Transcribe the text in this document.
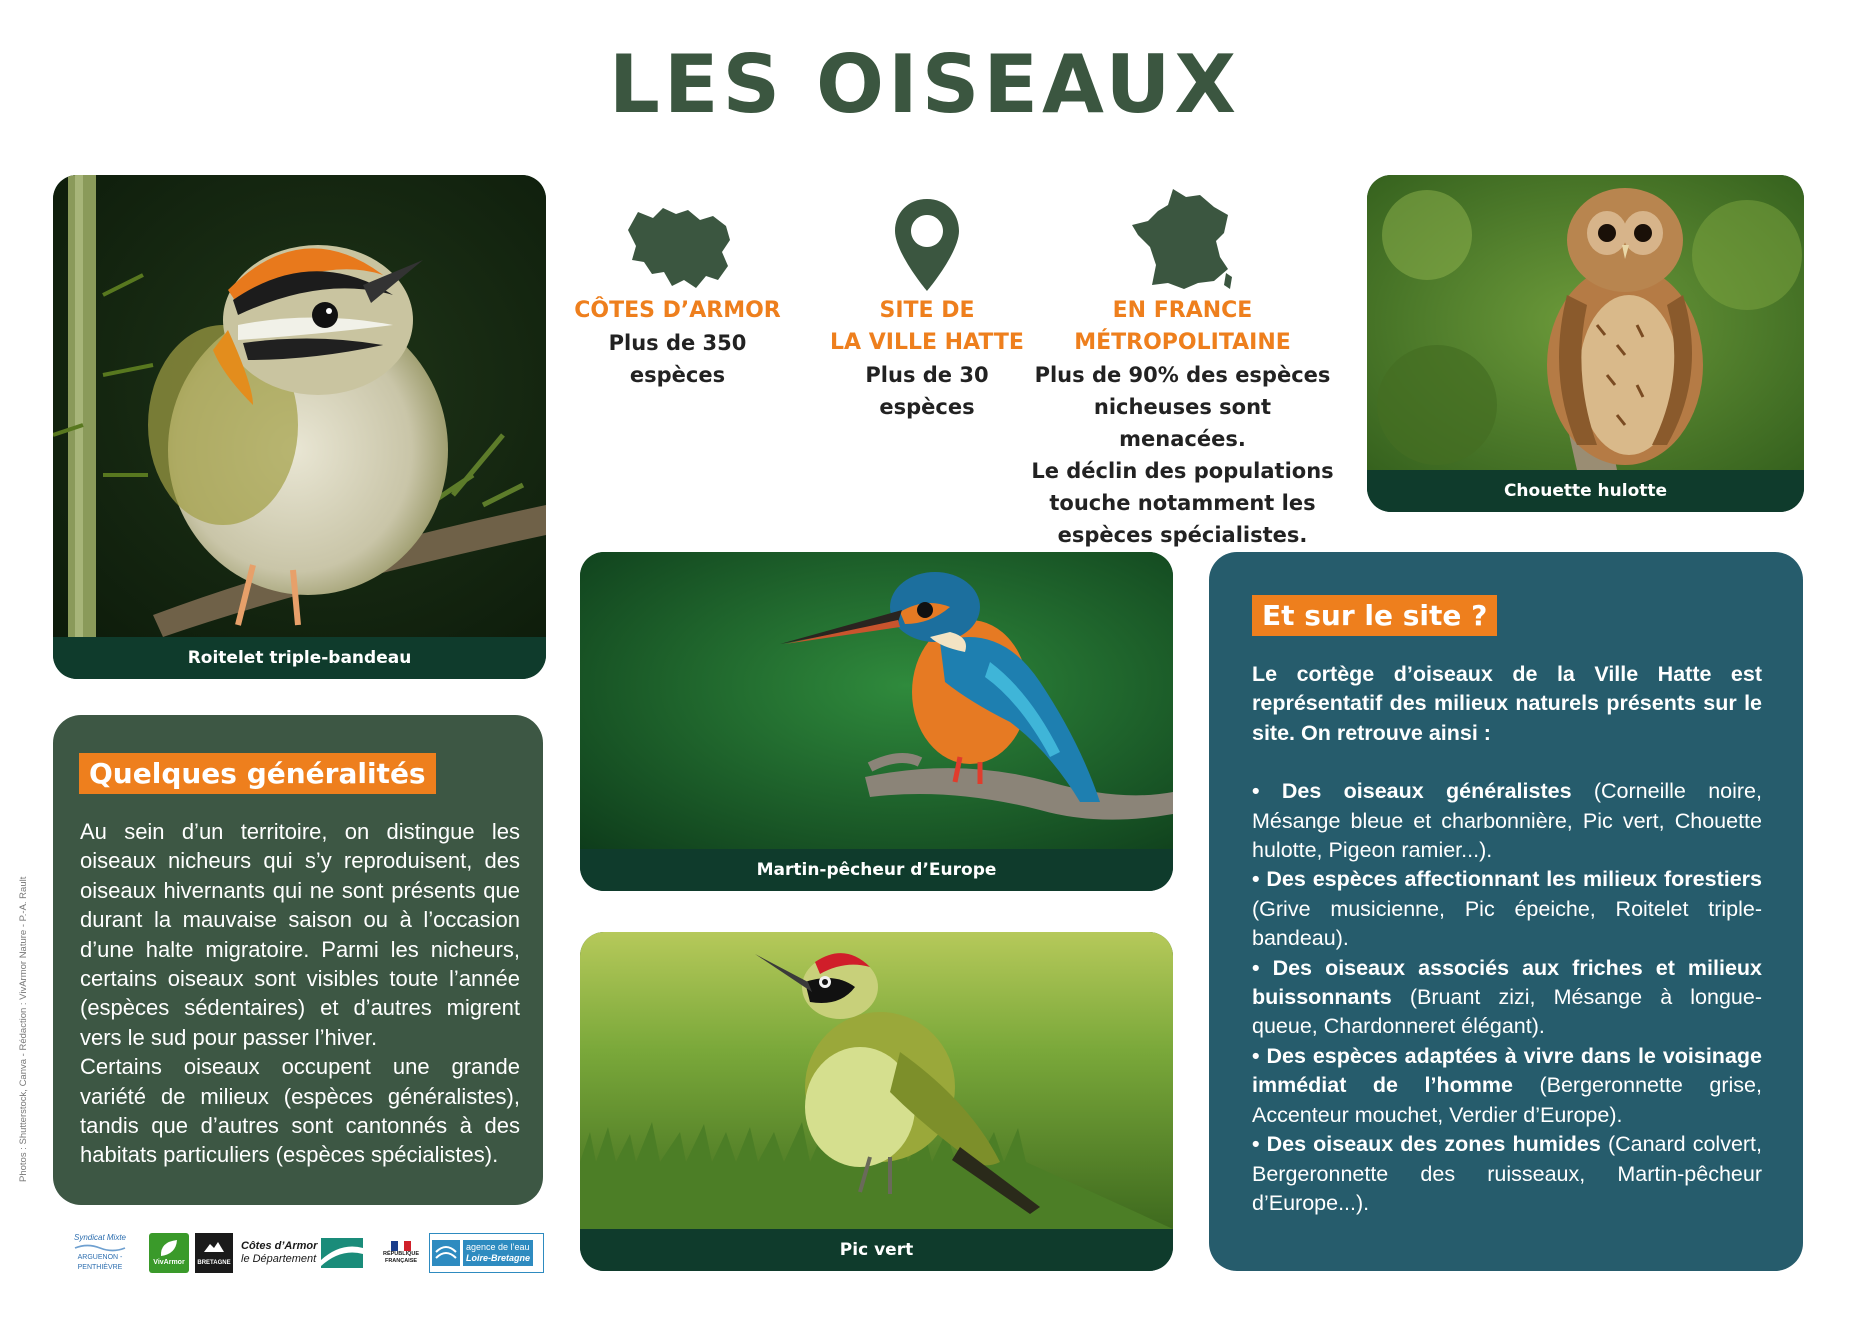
LES OISEAUX
Roitelet triple-bandeau
Chouette hulotte
CÔTES D’ARMOR
Plus de 350
espèces
SITE DE
LA VILLE HATTE
Plus de 30
espèces
EN FRANCE
MÉTROPOLITAINE
Plus de 90% des espèces
nicheuses sont menacées.
Le déclin des populations
touche notamment les
espèces spécialistes.
Martin-pêcheur d’Europe
Pic vert
Quelques généralités

Au sein d’un territoire, on distingue les oiseaux nicheurs qui s’y reproduisent, des oiseaux hivernants qui ne sont présents que durant la mauvaise saison ou à l’occasion d’une halte migratoire. Parmi les nicheurs, certains oiseaux sont visibles toute l’année (espèces sédentaires) et d’autres migrent vers le sud pour passer l’hiver.

Certains oiseaux occupent une grande variété de milieux (espèces généralistes), tandis que d’autres sont cantonnés à des habitats particuliers (espèces spécialistes).

Et sur le site ?

Le cortège d’oiseaux de la Ville Hatte est représentatif des milieux naturels présents sur le site. On retrouve ainsi :

• Des oiseaux généralistes (Corneille noire, Mésange bleue et charbonnière, Pic vert, Chouette hulotte, Pigeon ramier...).

• Des espèces affectionnant les milieux forestiers (Grive musicienne, Pic épeiche, Roitelet triple-bandeau).

• Des oiseaux associés aux friches et milieux buissonnants (Bruant zizi, Mésange à longue- queue, Chardonneret élégant).

• Des espèces adaptées à vivre dans le voisinage immédiat de l’homme (Bergeronnette grise, Accenteur mouchet, Verdier d’Europe).

• Des oiseaux des zones humides (Canard colvert, Bergeronnette des ruisseaux, Martin-pêcheur d’Europe...).

Photos : Shutterstock, Canva - Rédaction : VivArmor Nature - P.-A. Rault
Syndicat Mixte
ARGUENON - PENTHIÈVRE
VivArmor BRETAGNE
Côtes d’Armor
le Département	RÉPUBLIQUE
FRANÇAISE
agence de l’eau
Loire-Bretagne
